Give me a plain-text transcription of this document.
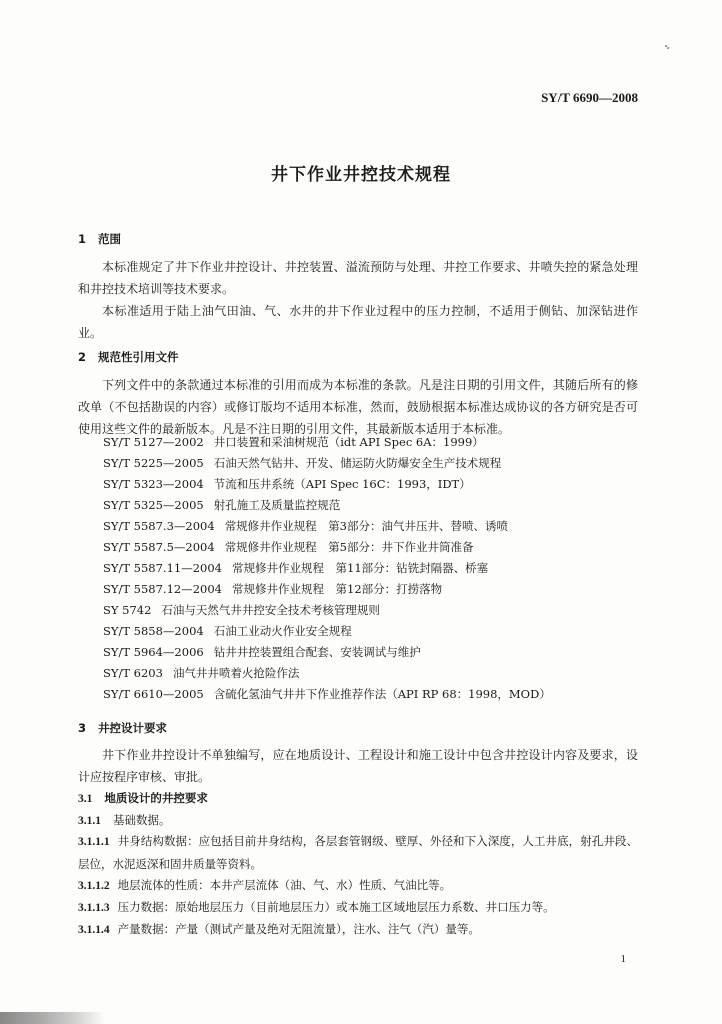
SY/T 6690—2008
井下作业井控技术规程
1 范围
本标准规定了井下作业井控设计、井控装置、溢流预防与处理、井控工作要求、井喷失控的紧急处理和井控技术培训等技术要求。
本标准适用于陆上油气田油、气、水井的井下作业过程中的压力控制，不适用于侧钻、加深钻进作业。
2 规范性引用文件
下列文件中的条款通过本标准的引用而成为本标准的条款。凡是注日期的引用文件，其随后所有的修改单（不包括勘误的内容）或修订版均不适用本标准，然而，鼓励根据本标准达成协议的各方研究是否可使用这些文件的最新版本。凡是不注日期的引用文件，其最新版本适用于本标准。
SY/T 5127—2002 井口装置和采油树规范（idt API Spec 6A：1999）
SY/T 5225—2005 石油天然气钻井、开发、储运防火防爆安全生产技术规程
SY/T 5323—2004 节流和压井系统（API Spec 16C：1993，IDT）
SY/T 5325—2005 射孔施工及质量监控规范
SY/T 5587.3—2004 常规修井作业规程　第3部分：油气井压井、替喷、诱喷
SY/T 5587.5—2004 常规修井作业规程　第5部分：井下作业井筒准备
SY/T 5587.11—2004 常规修井作业规程　第11部分：钻铣封隔器、桥塞
SY/T 5587.12—2004 常规修井作业规程　第12部分：打捞落物
SY 5742 石油与天然气井井控安全技术考核管理规则
SY/T 5858—2004 石油工业动火作业安全规程
SY/T 5964—2006 钻井井控装置组合配套、安装调试与维护
SY/T 6203 油气井井喷着火抢险作法
SY/T 6610—2005 含硫化氢油气井井下作业推荐作法（API RP 68：1998，MOD）
3 井控设计要求
井下作业井控设计不单独编写，应在地质设计、工程设计和施工设计中包含井控设计内容及要求，设计应按程序审核、审批。
3.1 地质设计的井控要求
3.1.1 基础数据。
3.1.1.1 井身结构数据：应包括目前井身结构，各层套管钢级、壁厚、外径和下入深度，人工井底，射孔井段、层位，水泥返深和固井质量等资料。
3.1.1.2 地层流体的性质：本井产层流体（油、气、水）性质、气油比等。
3.1.1.3 压力数据：原始地层压力（目前地层压力）或本施工区域地层压力系数、井口压力等。
3.1.1.4 产量数据：产量（测试产量及绝对无阻流量），注水、注气（汽）量等。
1
